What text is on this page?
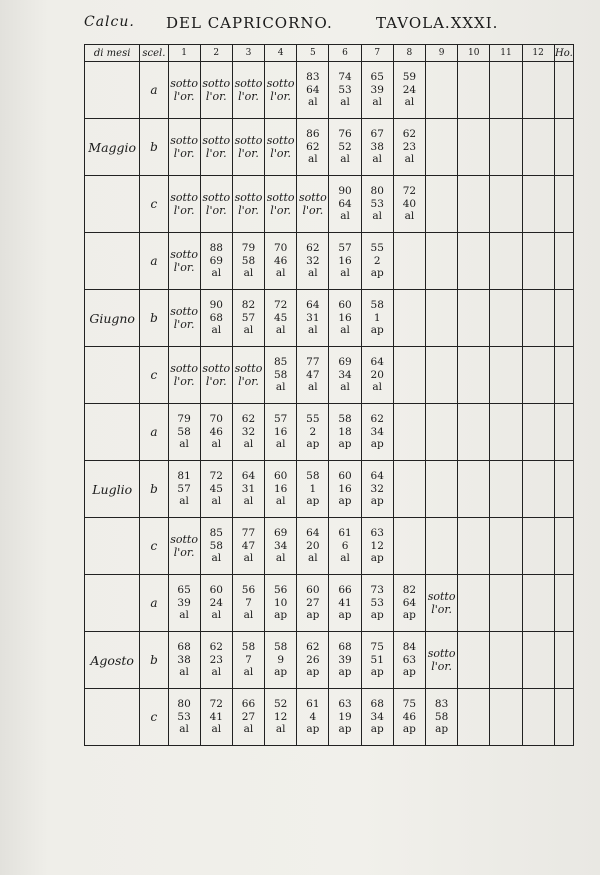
Calcu. DEL CAPRICORNO.	TAVOLA.XXXI.
di mesi	scel.	1	2	3	4	5	6	7	8	9	10	11	12	Ho.
	a	sotto
l'or.	sotto
l'or.	sotto
l'or.	sotto
l'or.	83
64
al	74
53
al	65
39
al	59
24
al					

Maggio	b	sotto
l'or.	sotto
l'or.	sotto
l'or.	sotto
l'or.	86
62
al	76
52
al	67
38
al	62
23
al					

	c	sotto
l'or.	sotto
l'or.	sotto
l'or.	sotto
l'or.	sotto
l'or.	90
64
al	80
53
al	72
40
al					

	a	sotto
l'or.	88
69
al	79
58
al	70
46
al	62
32
al	57
16
al	55
2
ap						

Giugno	b	sotto
l'or.	90
68
al	82
57
al	72
45
al	64
31
al	60
16
al	58
1
ap						

	c	sotto
l'or.	sotto
l'or.	sotto
l'or.	85
58
al	77
47
al	69
34
al	64
20
al						

	a	79
58
al	70
46
al	62
32
al	57
16
al	55
2
ap	58
18
ap	62
34
ap						

Luglio	b	81
57
al	72
45
al	64
31
al	60
16
al	58
1
ap	60
16
ap	64
32
ap						

	c	sotto
l'or.	85
58
al	77
47
al	69
34
al	64
20
al	61
6
al	63
12
ap						

	a	65
39
al	60
24
al	56
7
al	56
10
ap	60
27
ap	66
41
ap	73
53
ap	82
64
ap	sotto
l'or.				

Agosto	b	68
38
al	62
23
al	58
7
al	58
9
ap	62
26
ap	68
39
ap	75
51
ap	84
63
ap	sotto
l'or.				

	c	80
53
al	72
41
al	66
27
al	52
12
al	61
4
ap	63
19
ap	68
34
ap	75
46
ap	83
58
ap				
